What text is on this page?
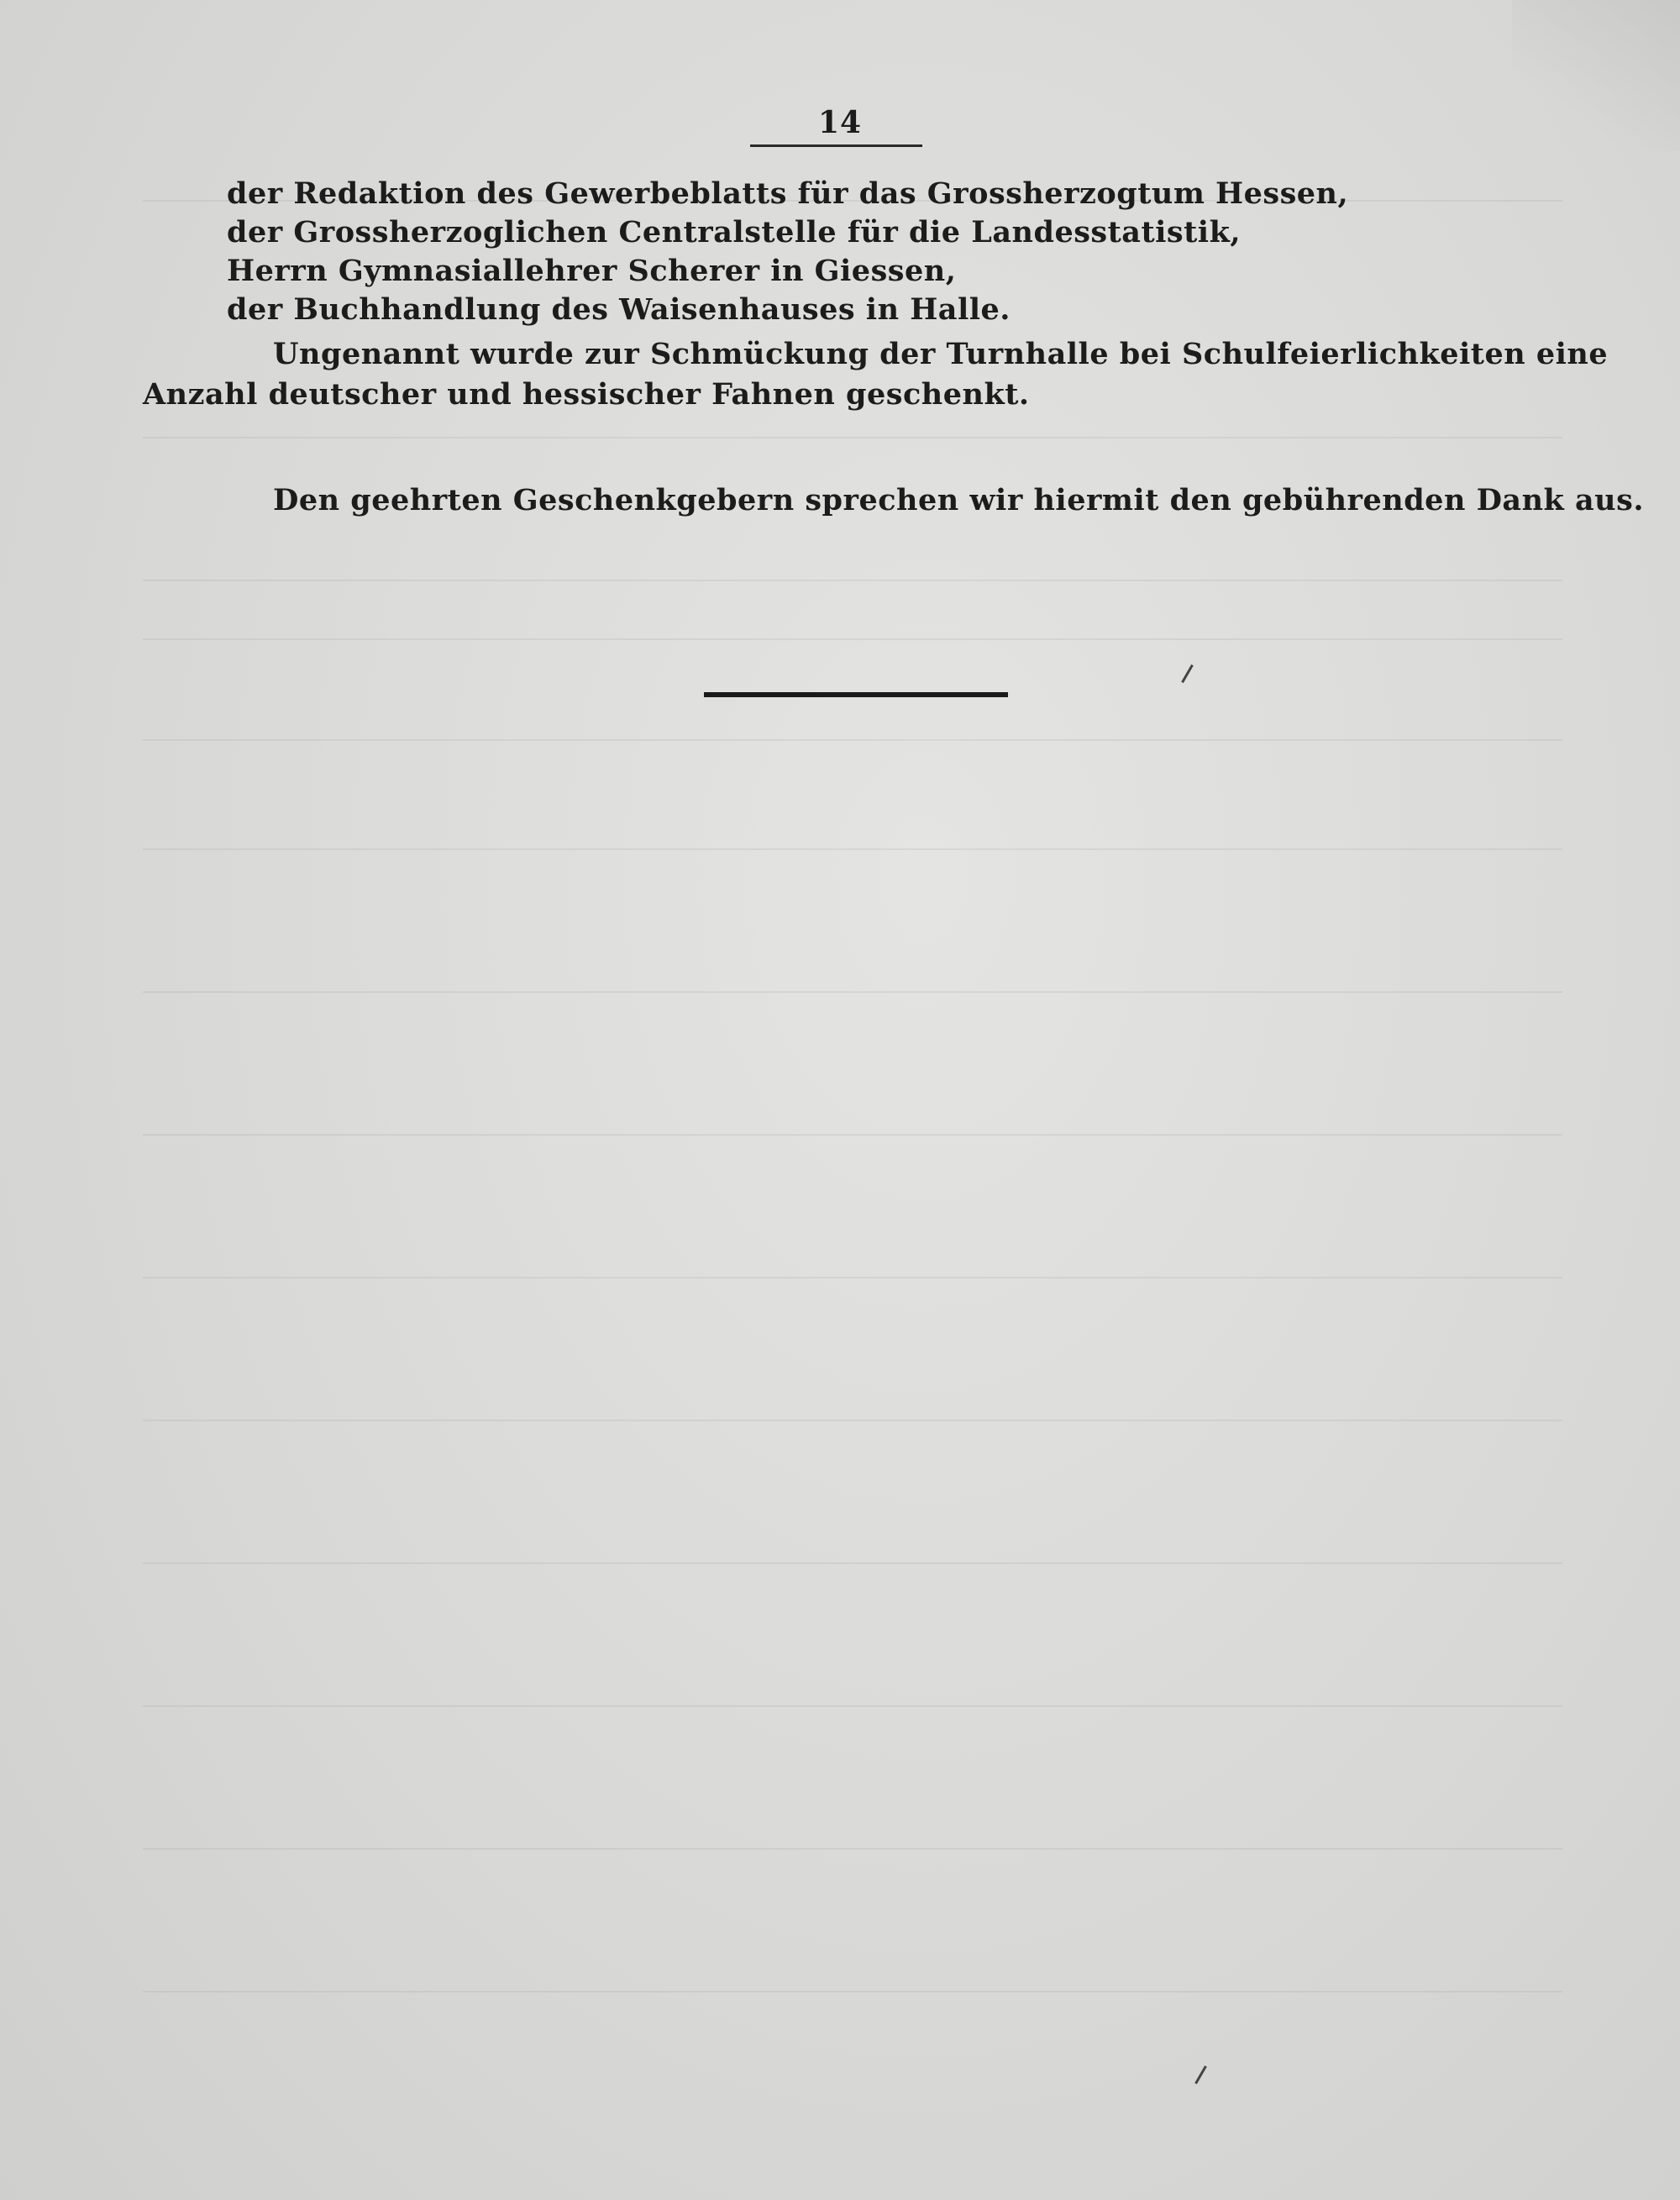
14
der Redaktion des Gewerbeblatts für das Grossherzogtum Hessen,
der Grossherzoglichen Centralstelle für die Landesstatistik,
Herrn Gymnasiallehrer Scherer in Giessen,
der Buchhandlung des Waisenhauses in Halle.
Ungenannt wurde zur Schmückung der Turnhalle bei Schulfeierlichkeiten eine
Anzahl deutscher und hessischer Fahnen geschenkt.
Den geehrten Geschenkgebern sprechen wir hiermit den gebührenden Dank aus.
